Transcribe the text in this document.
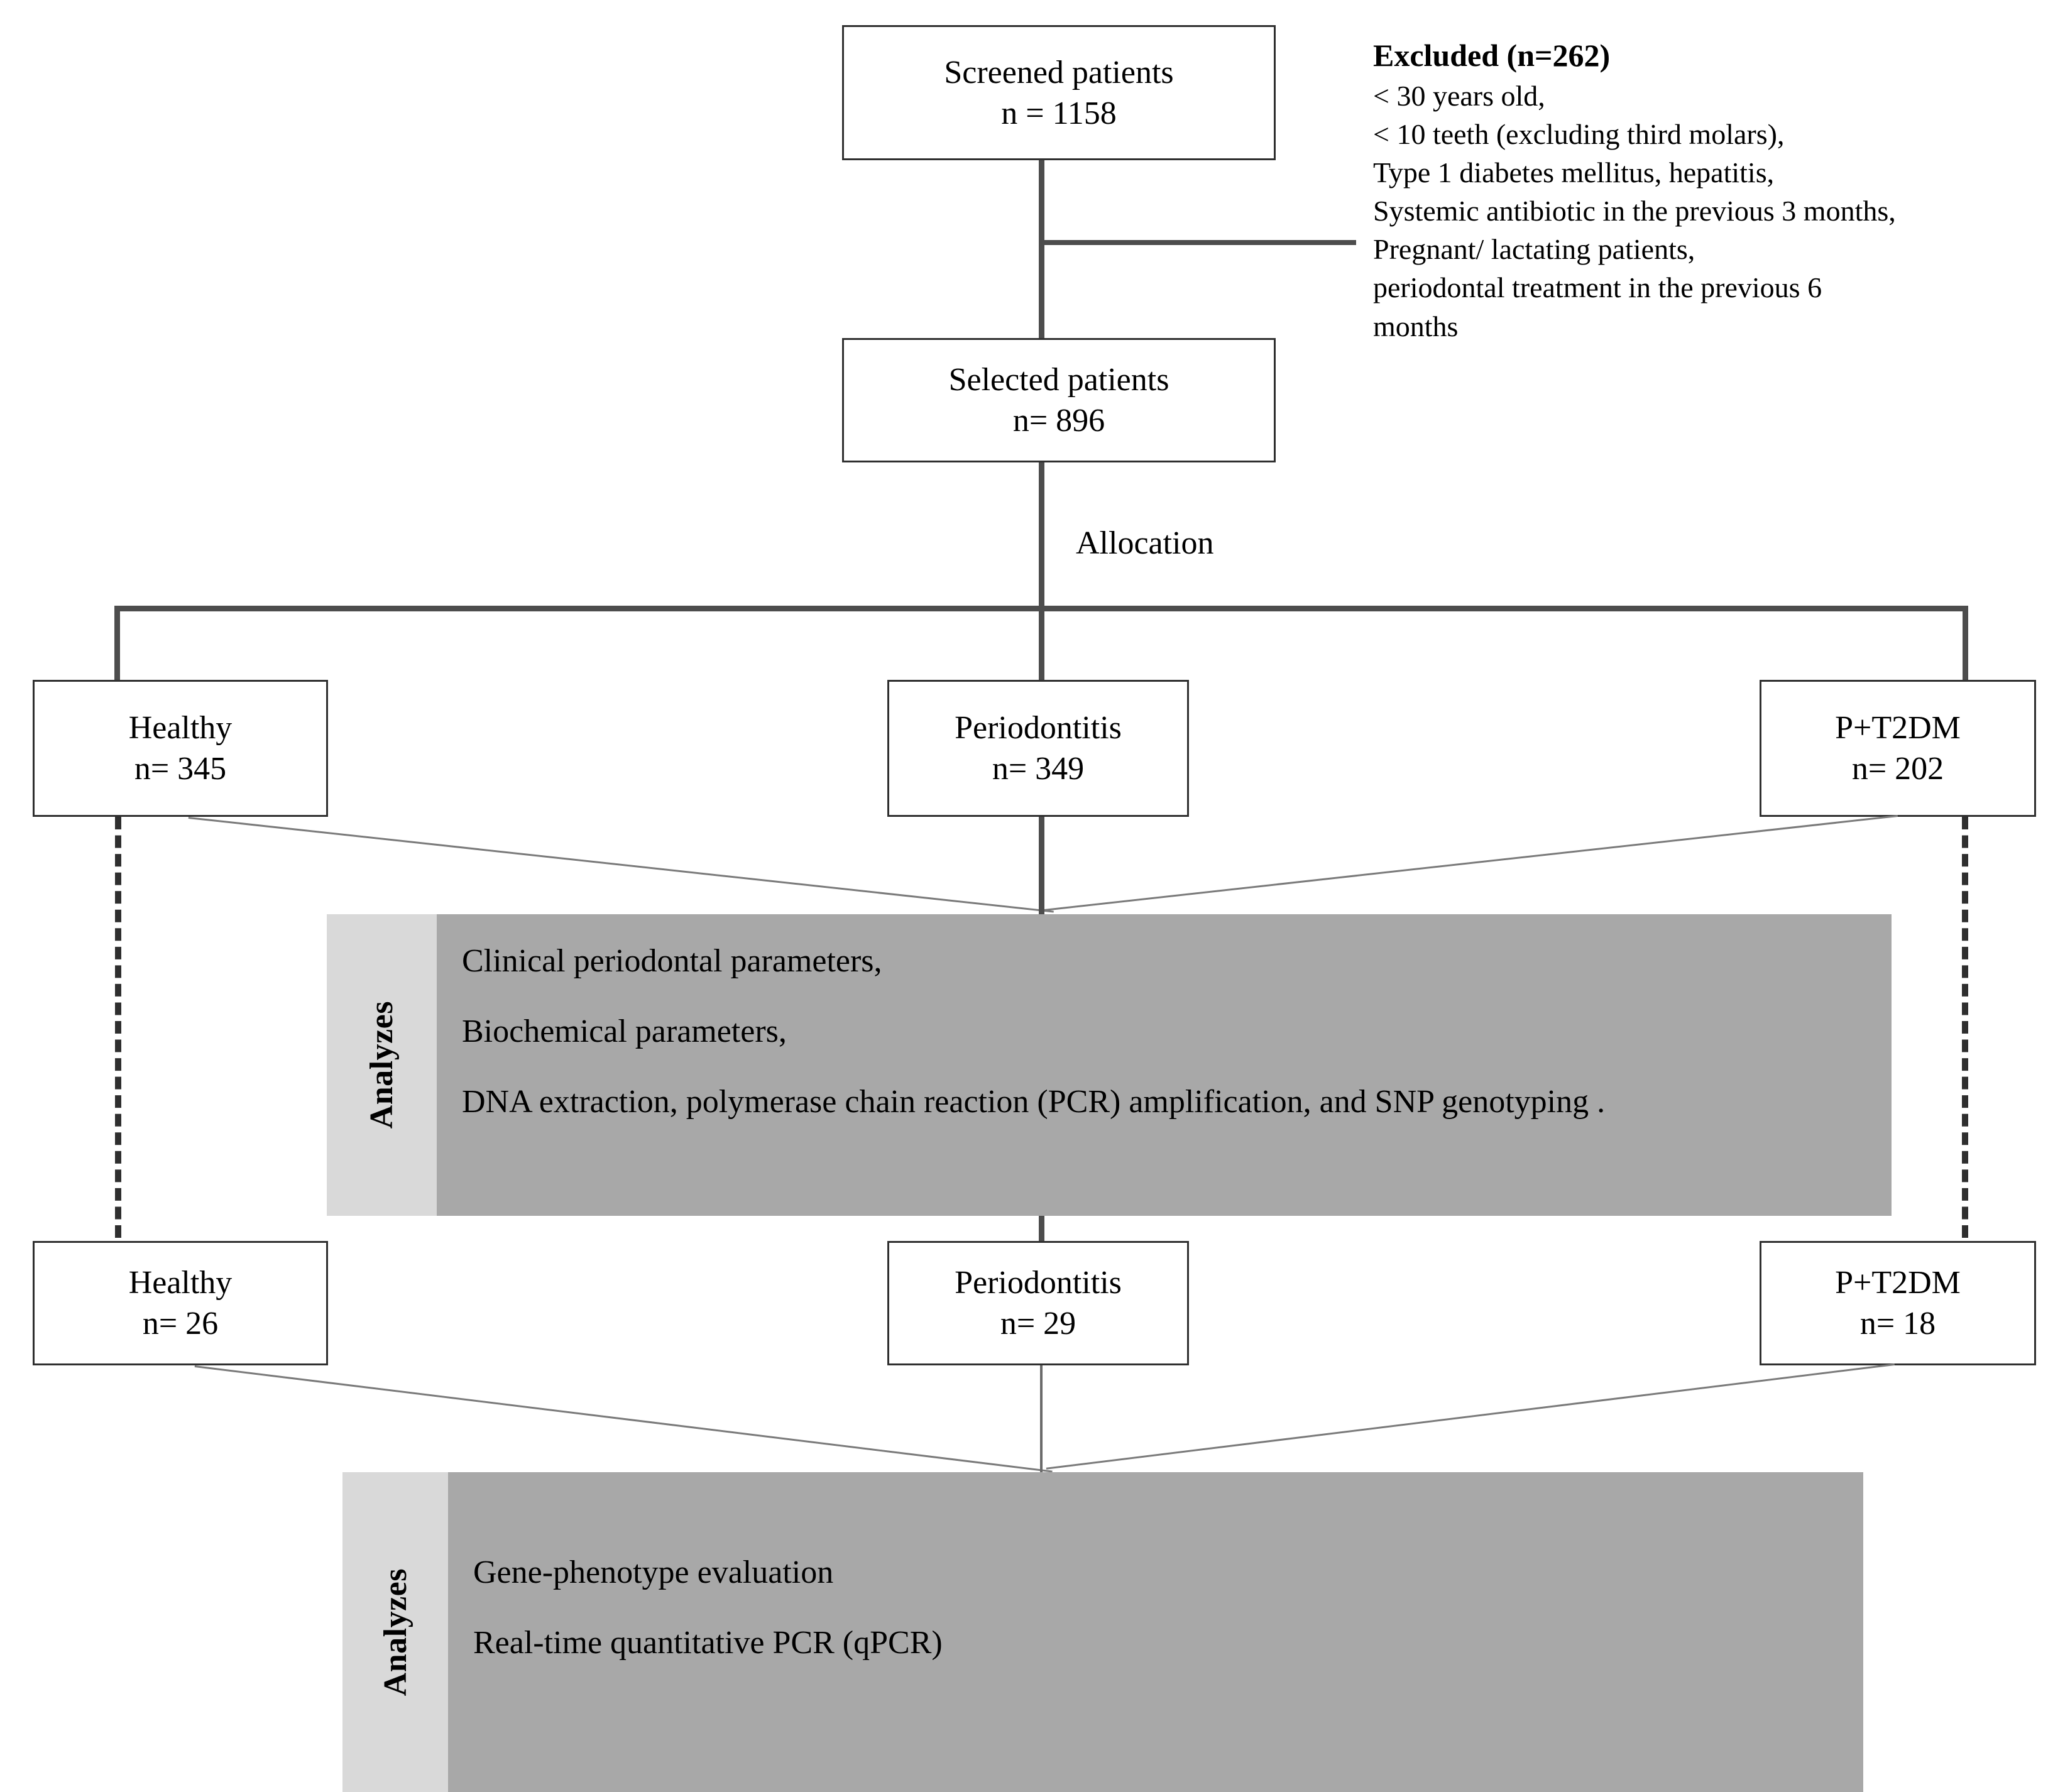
Screened patients
n = 1158
Excluded (n=262)
< 30 years old,
< 10 teeth (excluding third molars),
Type 1 diabetes mellitus, hepatitis,
Systemic antibiotic in the previous 3 months,
Pregnant/ lactating patients,
periodontal treatment in the previous 6
months
Selected patients
n= 896
Allocation
Healthy
n= 345
Periodontitis
n= 349
P+T2DM
n= 202
Analyzes

Clinical periodontal parameters,

Biochemical parameters,

DNA extraction, polymerase chain reaction (PCR) amplification, and SNP genotyping .

Healthy
n= 26
Periodontitis
n= 29
P+T2DM
n= 18
Analyzes Gene-phenotype evaluation

Real-time quantitative PCR (qPCR)
